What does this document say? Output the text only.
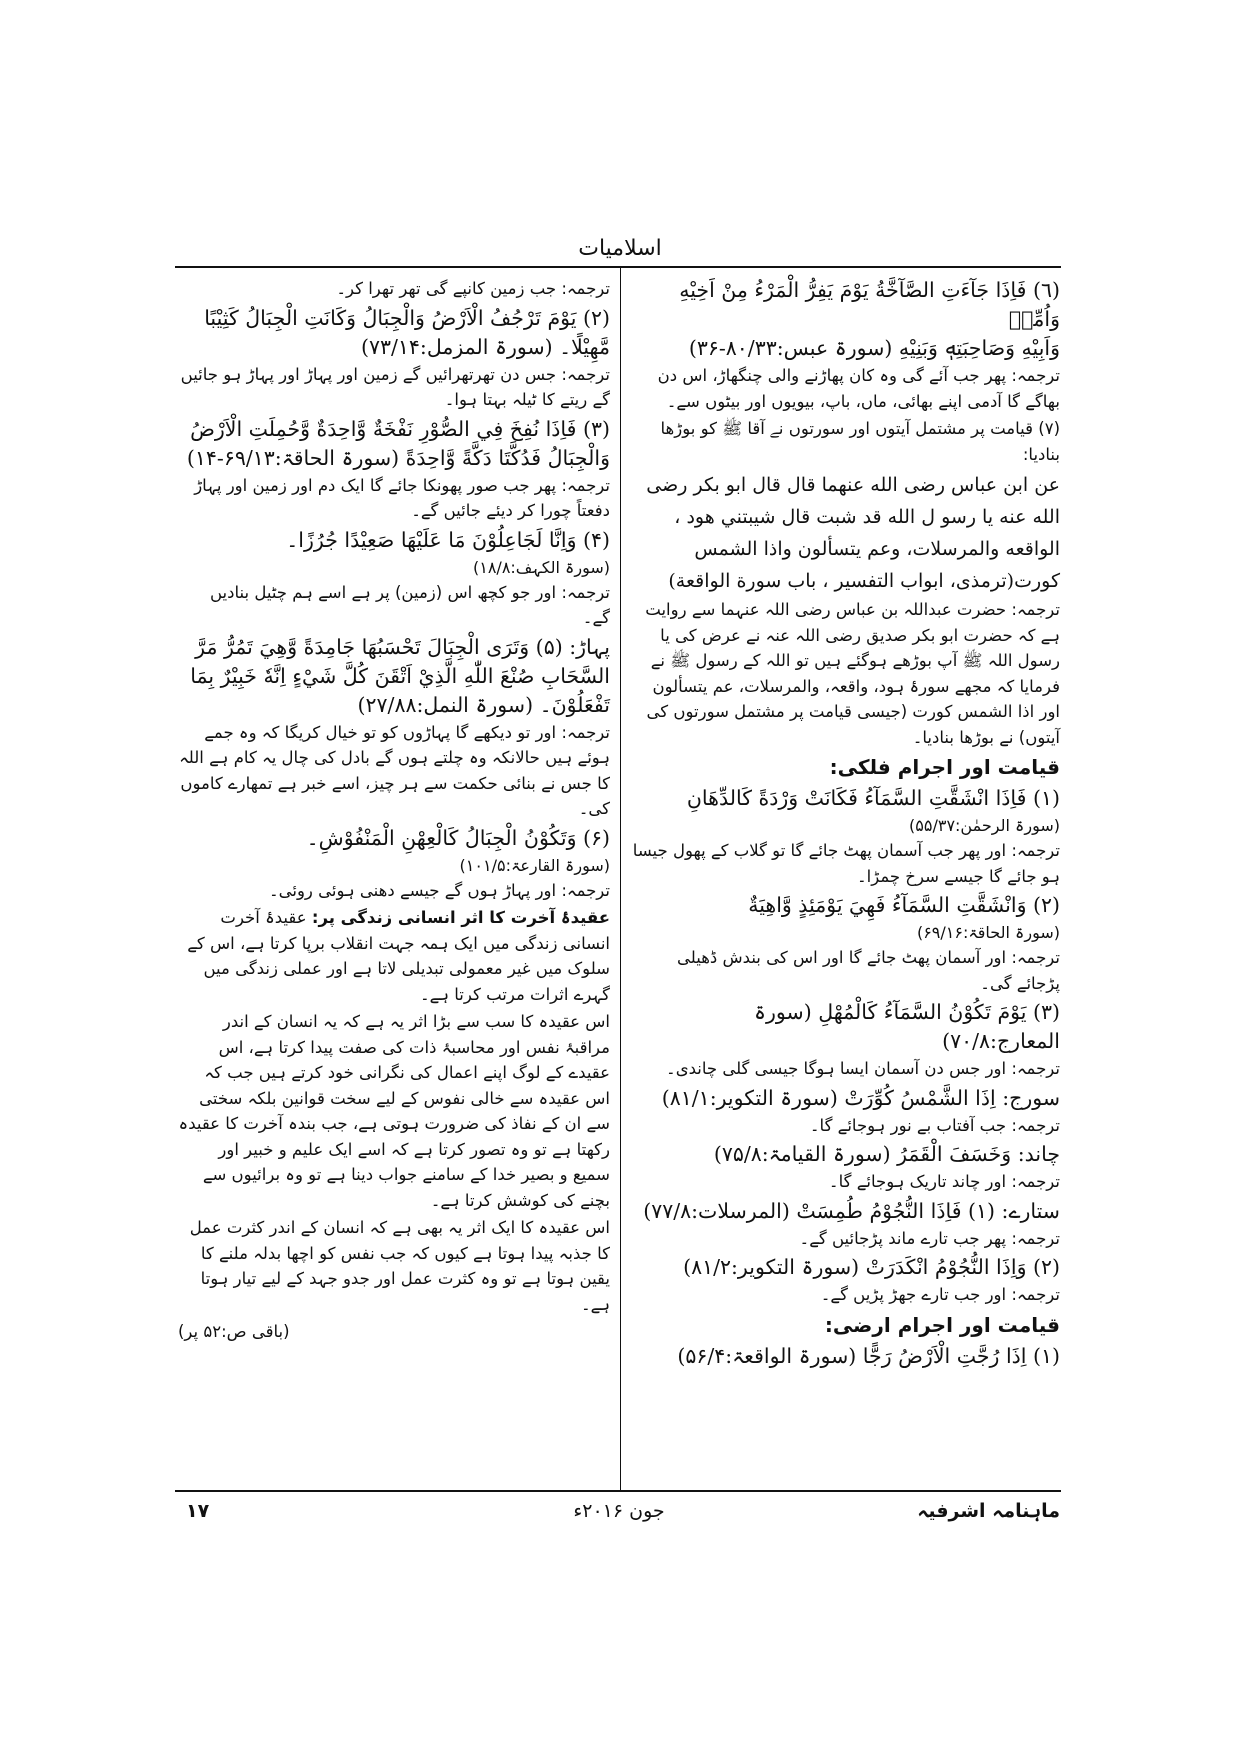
اسلامیات
(٦) فَاِذَا جَآءَتِ الصَّآخَّةُ يَوْمَ يَفِرُّ الْمَرْءُ مِنْ اَخِيْهِ وَاُمِّهٖ
وَاَبِيْهِ وَصَاحِبَتِهٖ وَبَنِيْهِ (سورۃ عبس:۸۰/۳۳-۳۶)
ترجمہ: پھر جب آئے گی وہ کان پھاڑنے والی چنگھاڑ، اس دن بھاگے گا آدمی اپنے بھائی، ماں، باپ، بیویوں اور بیٹوں سے۔
(۷) قیامت پر مشتمل آیتوں اور سورتوں نے آقا ﷺ کو بوڑھا بنادیا:
عن ابن عباس رضی الله عنهما قال قال ابو بكر رضی الله عنه يا رسو ل الله قد شبت قال شيبتني هود ، الواقعه والمرسلات، وعم يتسألون واذا الشمس كورت(ترمذی، ابواب التفسير ، باب سورة الواقعة)
ترجمہ: حضرت عبداللہ بن عباس رضی اللہ عنہما سے روایت ہے کہ حضرت ابو بکر صدیق رضی اللہ عنہ نے عرض کی یا رسول اللہ ﷺ آپ بوڑھے ہوگئے ہیں تو اللہ کے رسول ﷺ نے فرمایا کہ مجھے سورۂ ہود، واقعہ، والمرسلات، عم یتسألون اور اذا الشمس کورت (جیسی قیامت پر مشتمل سورتوں کی آیتوں) نے بوڑھا بنادیا۔
قیامت اور اجرام فلکی:
(۱) فَاِذَا انْشَقَّتِ السَّمَآءُ فَكَانَتْ وَرْدَةً كَالدِّهَانِ
(سورۃ الرحمٰن:۵۵/۳۷)
ترجمہ: اور پھر جب آسمان پھٹ جائے گا تو گلاب کے پھول جیسا ہو جائے گا جیسے سرخ چمڑا۔
(۲) وَانْشَقَّتِ السَّمَآءُ فَهِيَ يَوْمَئِذٍ وَّاهِيَةٌ
(سورۃ الحاقۃ:۶۹/۱۶)
ترجمہ: اور آسمان پھٹ جائے گا اور اس کی بندش ڈھیلی پڑجائے گی۔
(۳) يَوْمَ تَكُوْنُ السَّمَآءُ كَالْمُهْلِ (سورۃ المعارج:۷۰/۸)
ترجمہ: اور جس دن آسمان ایسا ہوگا جیسی گلی چاندی۔
سورج: اِذَا الشَّمْسُ كُوِّرَتْ (سورۃ التکویر:۸۱/۱)
ترجمہ: جب آفتاب بے نور ہوجائے گا۔
چاند: وَخَسَفَ الْقَمَرُ (سورۃ القیامۃ:۷۵/۸)
ترجمہ: اور چاند تاریک ہوجائے گا۔
ستارے: (۱) فَاِذَا النُّجُوْمُ طُمِسَتْ (المرسلات:۷۷/۸)
ترجمہ: پھر جب تارے ماند پڑجائیں گے۔
(۲) وَاِذَا النُّجُوْمُ انْكَدَرَتْ (سورۃ التکویر:۸۱/۲)
ترجمہ: اور جب تارے جھڑ پڑیں گے۔
قیامت اور اجرام ارضی:
(۱) اِذَا رُجَّتِ الْاَرْضُ رَجًّا (سورۃ الواقعۃ:۵۶/۴)
ترجمہ: جب زمین کانپے گی تھر تھرا کر۔
(۲) يَوْمَ تَرْجُفُ الْاَرْضُ وَالْجِبَالُ وَكَانَتِ الْجِبَالُ كَثِيْبًا مَّهِيْلًا۔ (سورۃ المزمل:۷۳/۱۴)
ترجمہ: جس دن تھرتھرائیں گے زمین اور پہاڑ اور پہاڑ ہو جائیں گے ریتے کا ٹیلہ بہتا ہوا۔
(۳) فَاِذَا نُفِخَ فِي الصُّوْرِ نَفْخَةٌ وَّاحِدَةٌ وَّحُمِلَتِ الْاَرْضُ وَالْجِبَالُ فَدُكَّتَا دَكَّةً وَّاحِدَةً (سورۃ الحاقۃ:۶۹/۱۳-۱۴)
ترجمہ: پھر جب صور پھونکا جائے گا ایک دم اور زمین اور پہاڑ دفعتاً چورا کر دیئے جائیں گے۔
(۴) وَاِنَّا لَجَاعِلُوْنَ مَا عَلَيْهَا صَعِيْدًا جُرُزًا۔
(سورۃ الکہف:۱۸/۸)
ترجمہ: اور جو کچھ اس (زمین) پر ہے اسے ہم چٹیل بنادیں گے۔
پہاڑ: (۵) وَتَرَى الْجِبَالَ تَحْسَبُهَا جَامِدَةً وَّهِيَ تَمُرُّ مَرَّ السَّحَابِ صُنْعَ اللّٰهِ الَّذِيْ اَتْقَنَ كُلَّ شَيْءٍ اِنَّهٗ خَبِيْرٌ بِمَا تَفْعَلُوْنَ۔ (سورۃ النمل:۲۷/۸۸)
ترجمہ: اور تو دیکھے گا پہاڑوں کو تو خیال کریگا کہ وہ جمے ہوئے ہیں حالانکہ وہ چلتے ہوں گے بادل کی چال یہ کام ہے اللہ کا جس نے بنائی حکمت سے ہر چیز، اسے خبر ہے تمھارے کاموں کی۔
(۶) وَتَكُوْنُ الْجِبَالُ كَالْعِهْنِ الْمَنْفُوْشِ۔
(سورۃ القارعۃ:۱۰۱/۵)
ترجمہ: اور پہاڑ ہوں گے جیسے دھنی ہوئی روئی۔
عقیدۂ آخرت کا اثر انسانی زندگی پر: عقیدۂ آخرت انسانی زندگی میں ایک ہمہ جہت انقلاب برپا کرتا ہے، اس کے سلوک میں غیر معمولی تبدیلی لاتا ہے اور عملی زندگی میں گہرے اثرات مرتب کرتا ہے۔
اس عقیدہ کا سب سے بڑا اثر یہ ہے کہ یہ انسان کے اندر مراقبۂ نفس اور محاسبۂ ذات کی صفت پیدا کرتا ہے، اس عقیدے کے لوگ اپنے اعمال کی نگرانی خود کرتے ہیں جب کہ اس عقیدہ سے خالی نفوس کے لیے سخت قوانین بلکہ سختی سے ان کے نفاذ کی ضرورت ہوتی ہے، جب بندہ آخرت کا عقیدہ رکھتا ہے تو وہ تصور کرتا ہے کہ اسے ایک علیم و خبیر اور سمیع و بصیر خدا کے سامنے جواب دینا ہے تو وہ برائیوں سے بچنے کی کوشش کرتا ہے۔
اس عقیدہ کا ایک اثر یہ بھی ہے کہ انسان کے اندر کثرت عمل کا جذبہ پیدا ہوتا ہے کیوں کہ جب نفس کو اچھا بدلہ ملنے کا یقین ہوتا ہے تو وہ کثرت عمل اور جدو جہد کے لیے تیار ہوتا ہے۔
(باقی ص:۵۲ پر)
ماہنامہ اشرفیہ
جون ۲۰۱۶ء
۱۷
